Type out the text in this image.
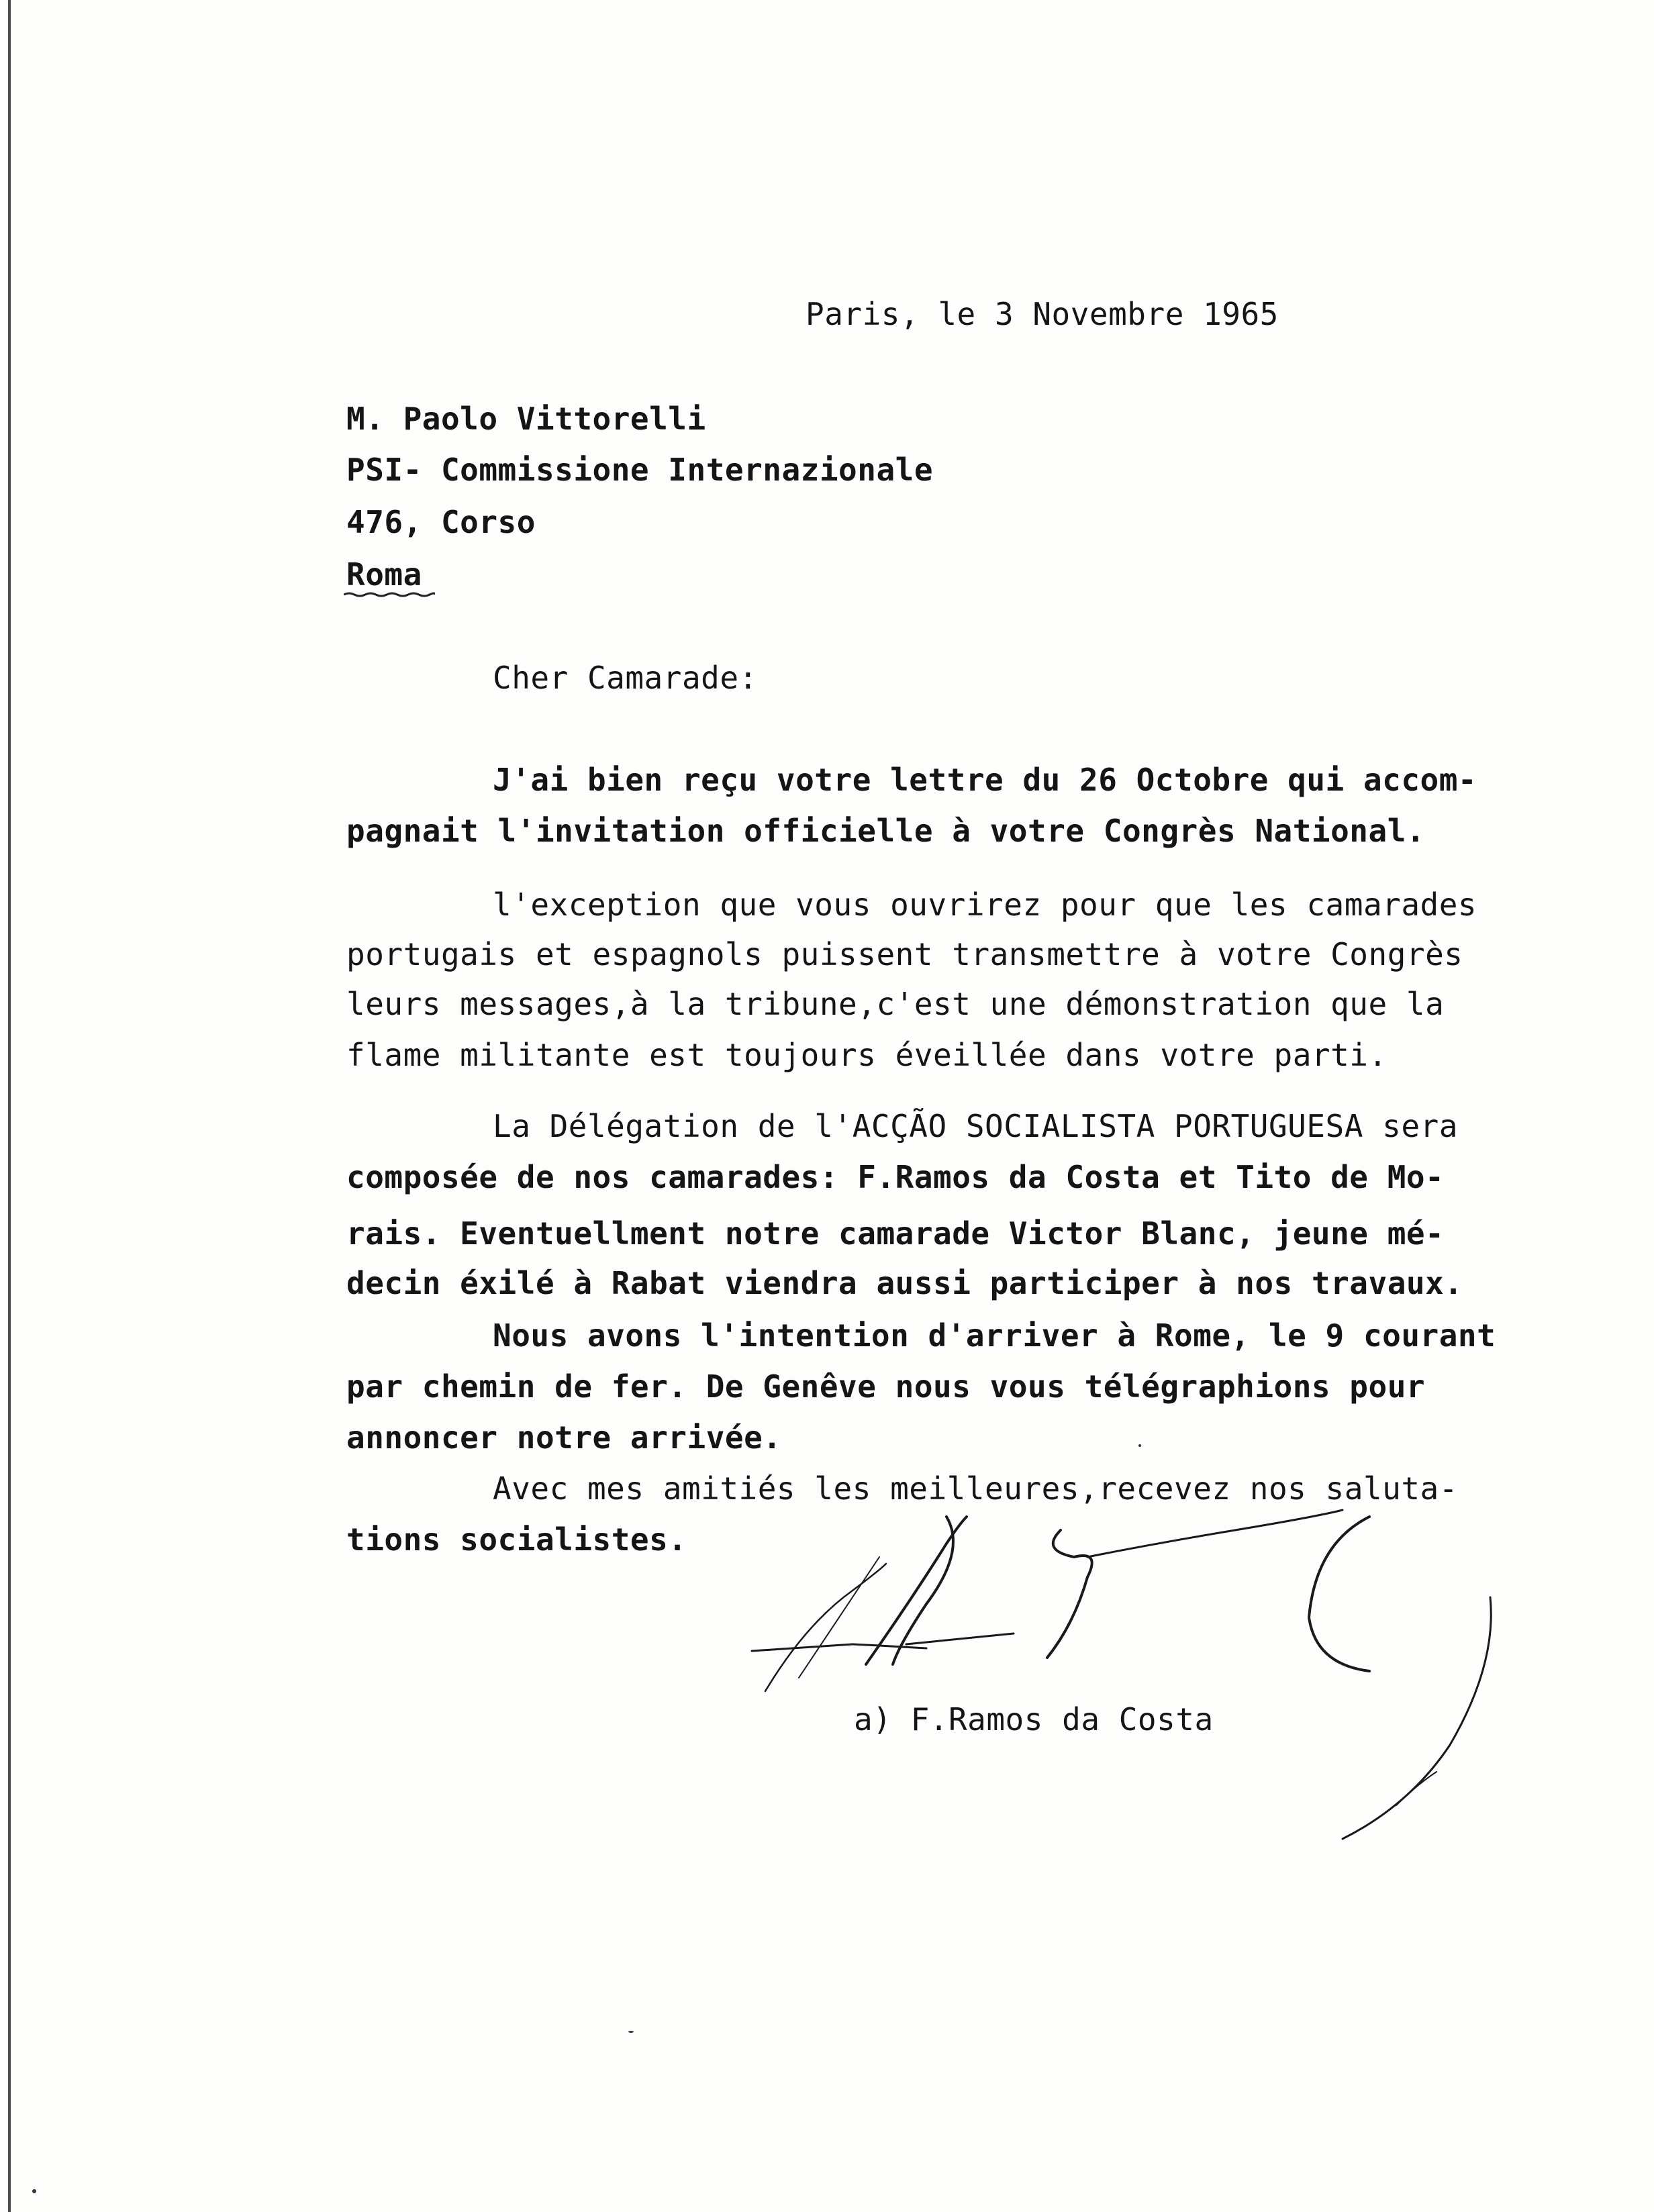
Paris, le 3 Novembre 1965
M. Paolo Vittorelli
PSI- Commissione Internazionale
476, Corso
Roma
Cher Camarade:
J'ai bien reçu votre lettre du 26 Octobre qui accom-
pagnait l'invitation officielle à votre Congrès National.
l'exception que vous ouvrirez pour que les camarades
portugais et espagnols puissent transmettre à votre Congrès
leurs messages,à la tribune,c'est une démonstration que la
flame militante est toujours éveillée dans votre parti.
La Délégation de l'ACÇÃO SOCIALISTA PORTUGUESA sera
composée de nos camarades: F.Ramos da Costa et Tito de Mo-
rais. Eventuellment notre camarade Victor Blanc, jeune mé-
decin éxilé à Rabat viendra aussi participer à nos travaux.
Nous avons l'intention d'arriver à Rome, le 9 courant
par chemin de fer. De Genêve nous vous télégraphions pour
annoncer notre arrivée.
Avec mes amitiés les meilleures,recevez nos saluta-
tions socialistes.
a) F.Ramos da Costa
